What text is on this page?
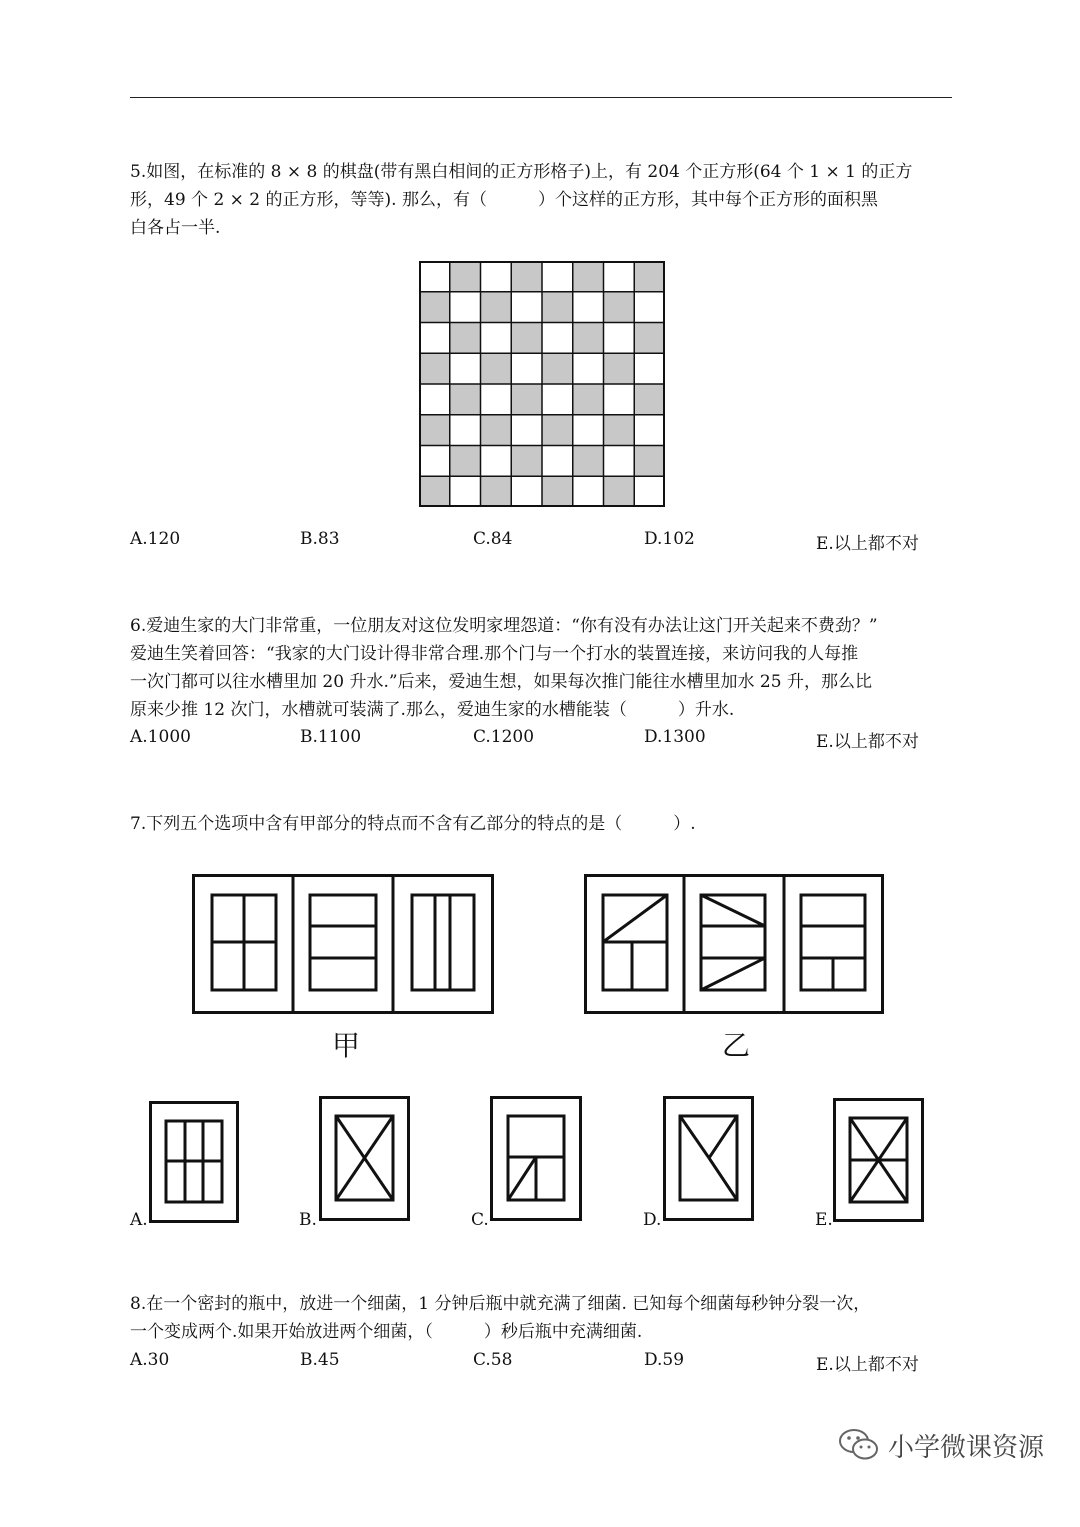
5.如图，在标准的 8 × 8 的棋盘(带有黑白相间的正方形格子)上，有 204 个正方形(64 个 1 × 1 的正方

形，49 个 2 × 2 的正方形，等等). 那么，有（　　　）个这样的正方形，其中每个正方形的面积黑

白各占一半.

A.120	B.83	C.84	D.102	E.以上都不对

6.爱迪生家的大门非常重，一位朋友对这位发明家埋怨道：“你有没有办法让这门开关起来不费劲？”

爱迪生笑着回答：“我家的大门设计得非常合理.那个门与一个打水的装置连接，来访问我的人每推

一次门都可以往水槽里加 20 升水.”后来，爱迪生想，如果每次推门能往水槽里加水 25 升，那么比

原来少推 12 次门，水槽就可装满了.那么，爱迪生家的水槽能装（　　　）升水.

A.1000	B.1100	C.1200	D.1300	E.以上都不对

7.下列五个选项中含有甲部分的特点而不含有乙部分的特点的是（　　　）.

甲	乙
A.	B.	C.	D.	E.

8.在一个密封的瓶中，放进一个细菌，1 分钟后瓶中就充满了细菌. 已知每个细菌每秒钟分裂一次，

一个变成两个.如果开始放进两个细菌，（　　　）秒后瓶中充满细菌.

A.30	B.45	C.58	D.59	E.以上都不对
小学微课资源
